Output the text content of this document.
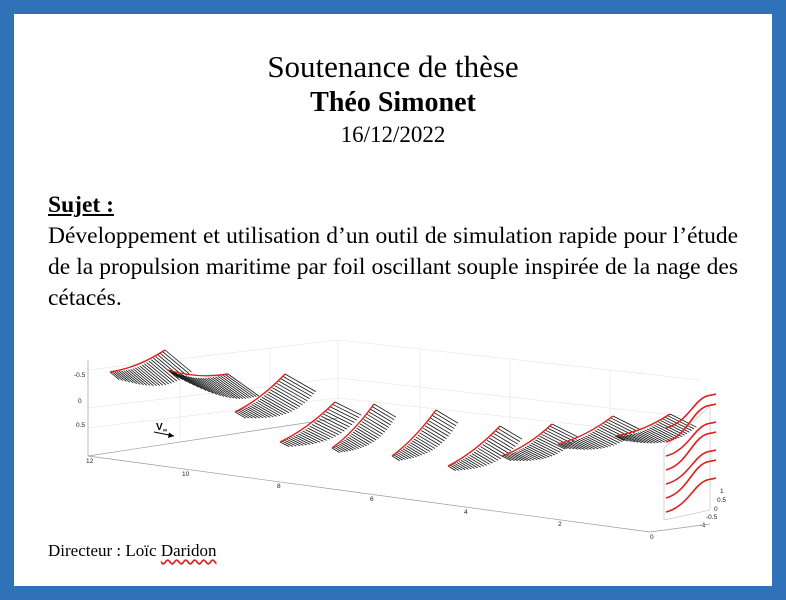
Soutenance de thèse
Théo Simonet
16/12/2022
Sujet :
Développement et utilisation d’un outil de simulation rapide pour l’étude de la propulsion maritime par foil oscillant souple inspirée de la nage des cétacés.
-0.5
0
0.5
12
10
8
6
4
2
0
1
0.5
0
-0.5
-1
V ∞
Directeur : Loïc Daridon
